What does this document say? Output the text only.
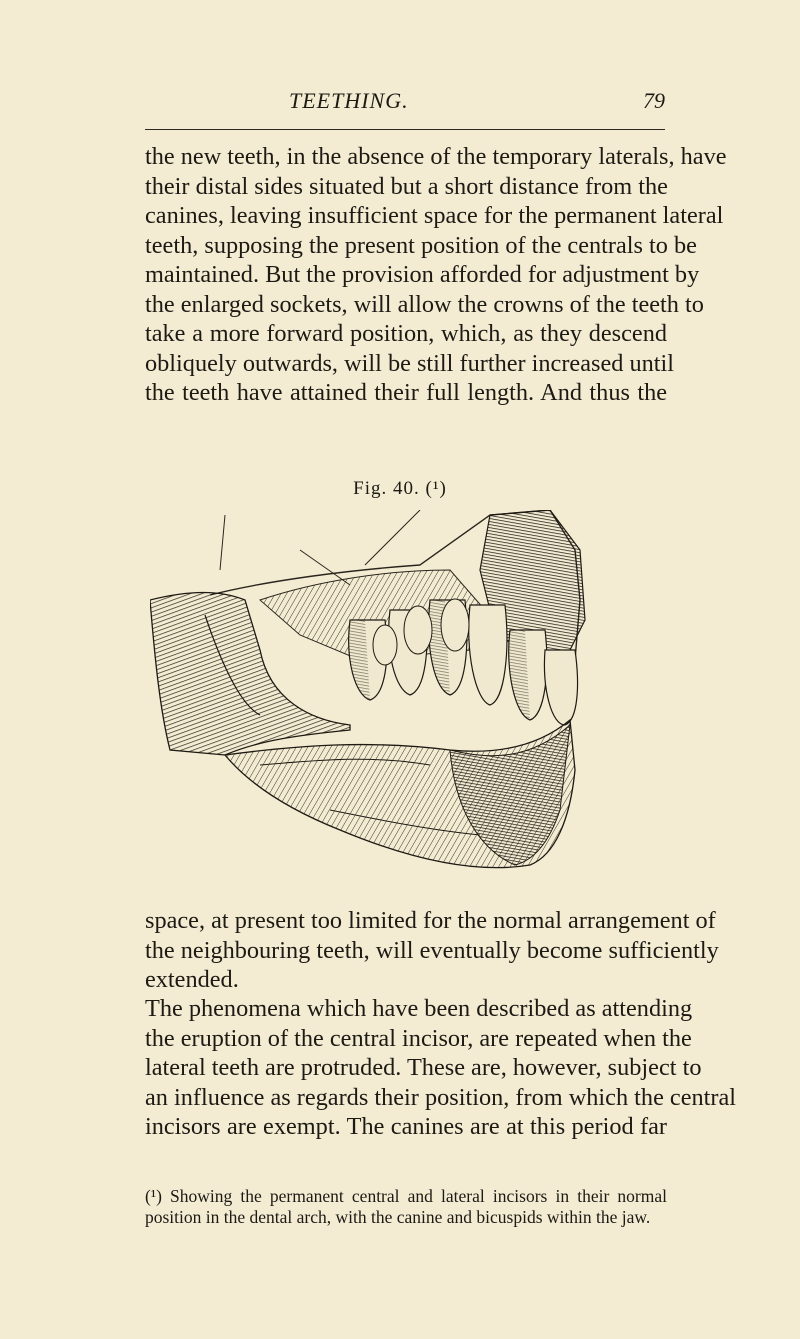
TEETHING.	79
the new teeth, in the absence of the temporary laterals, have
their distal sides situated but a short distance from the
canines, leaving insufficient space for the permanent lateral
teeth, supposing the present position of the centrals to be
maintained. But the provision afforded for adjustment by
the enlarged sockets, will allow the crowns of the teeth to
take a more forward position, which, as they descend
obliquely outwards, will be still further increased until
the teeth have attained their full length. And thus the
Fig. 40. (¹)
space, at present too limited for the normal arrangement of
the neighbouring teeth, will eventually become sufficiently
extended.
The phenomena which have been described as attending
the eruption of the central incisor, are repeated when the
lateral teeth are protruded. These are, however, subject to
an influence as regards their position, from which the central
incisors are exempt. The canines are at this period far
(¹) Showing the permanent central and lateral incisors in their normal
position in the dental arch, with the canine and bicuspids within the jaw.
